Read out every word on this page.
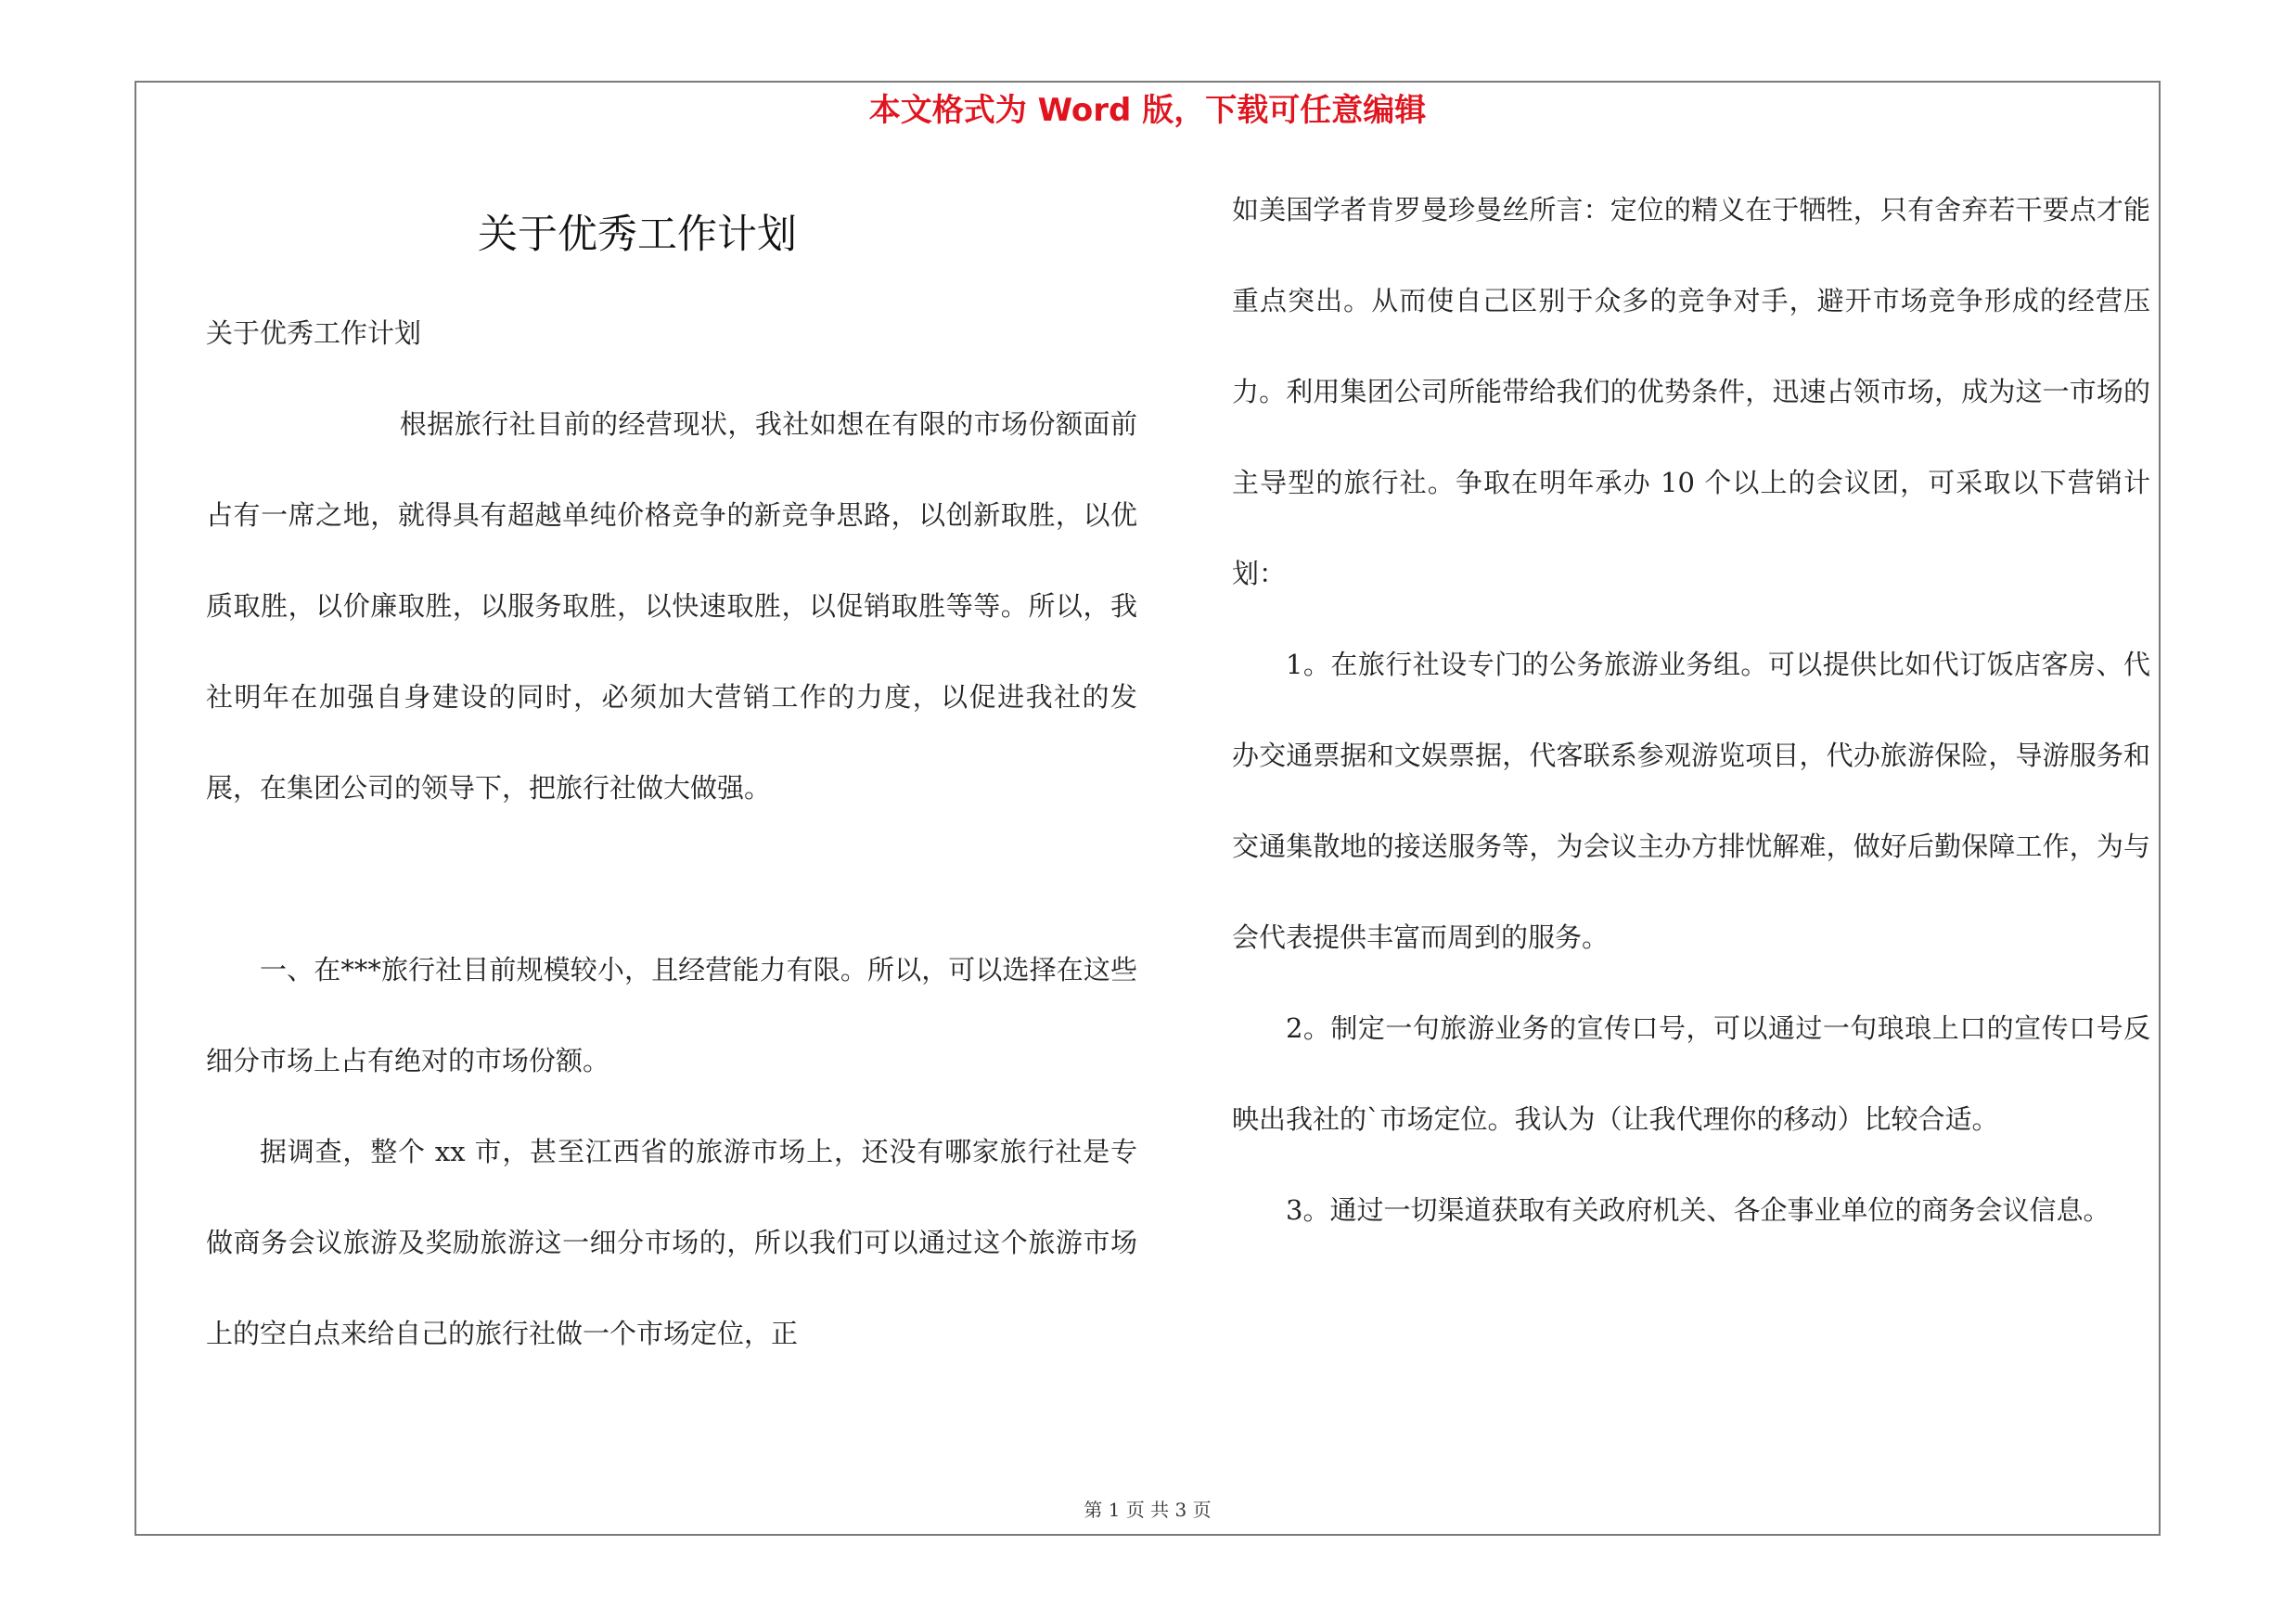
本文格式为 Word 版，下载可任意编辑
关于优秀工作计划

关于优秀工作计划

根据旅行社目前的经营现状，我社如想在有限的市场份额面前占有一席之地，就得具有超越单纯价格竞争的新竞争思路，以创新取胜，以优质取胜，以价廉取胜，以服务取胜，以快速取胜，以促销取胜等等。所以，我社明年在加强自身建设的同时，必须加大营销工作的力度，以促进我社的发展，在集团公司的领导下，把旅行社做大做强。

一、在***旅行社目前规模较小，且经营能力有限。所以，可以选择在这些细分市场上占有绝对的市场份额。

据调查，整个 xx 市，甚至江西省的旅游市场上，还没有哪家旅行社是专做商务会议旅游及奖励旅游这一细分市场的，所以我们可以通过这个旅游市场上的空白点来给自己的旅行社做一个市场定位，正

如美国学者肯罗曼珍曼丝所言：定位的精义在于牺牲，只有舍弃若干要点才能重点突出。从而使自己区别于众多的竞争对手，避开市场竞争形成的经营压力。利用集团公司所能带给我们的优势条件，迅速占领市场，成为这一市场的主导型的旅行社。争取在明年承办 10 个以上的会议团，可采取以下营销计划：

1。在旅行社设专门的公务旅游业务组。可以提供比如代订饭店客房、代办交通票据和文娱票据，代客联系参观游览项目，代办旅游保险，导游服务和交通集散地的接送服务等，为会议主办方排忧解难，做好后勤保障工作，为与会代表提供丰富而周到的服务。

2。制定一句旅游业务的宣传口号，可以通过一句琅琅上口的宣传口号反映出我社的`市场定位。我认为（让我代理你的移动）比较合适。

3。通过一切渠道获取有关政府机关、各企事业单位的商务会议信息。

第 1 页 共 3 页
